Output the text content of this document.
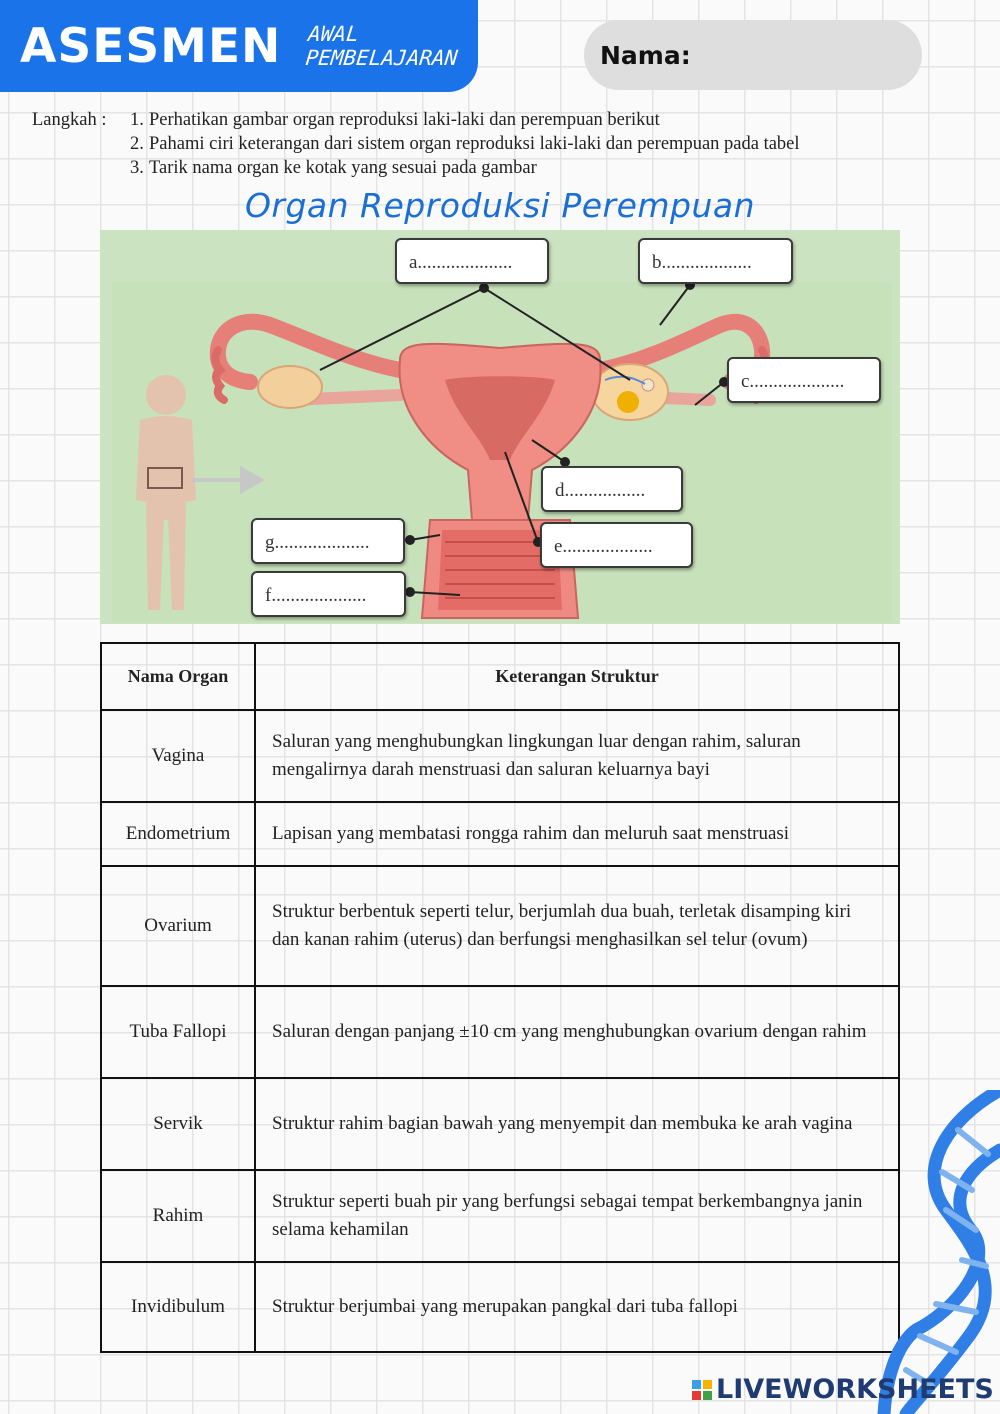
ASESMEN AWAL
PEMBELAJARAN	Nama:
Langkah :	1. Perhatikan gambar organ reproduksi laki-laki dan perempuan berikut
2. Pahami ciri keterangan dari sistem organ reproduksi laki-laki dan perempuan pada tabel
3. Tarik nama organ ke kotak yang sesuai pada gambar
Organ Reproduksi Perempuan
a....................	b...................
c....................
d.................
e...................
g....................
f....................
Nama Organ	Keterangan Struktur
Vagina	Saluran yang menghubungkan lingkungan luar dengan rahim, saluran mengalirnya darah menstruasi dan saluran keluarnya bayi
Endometrium	Lapisan yang membatasi rongga rahim dan meluruh saat menstruasi
Ovarium	Struktur berbentuk seperti telur, berjumlah dua buah, terletak disamping kiri dan kanan rahim (uterus) dan berfungsi menghasilkan sel telur (ovum)
Tuba Fallopi	Saluran dengan panjang ±10 cm yang menghubungkan ovarium dengan rahim
Servik	Struktur rahim bagian bawah yang menyempit dan membuka ke arah vagina
Rahim	Struktur seperti buah pir yang berfungsi sebagai tempat berkembangnya janin selama kehamilan
Invidibulum	Struktur berjumbai yang merupakan pangkal dari tuba fallopi
LIVEWORKSHEETS
